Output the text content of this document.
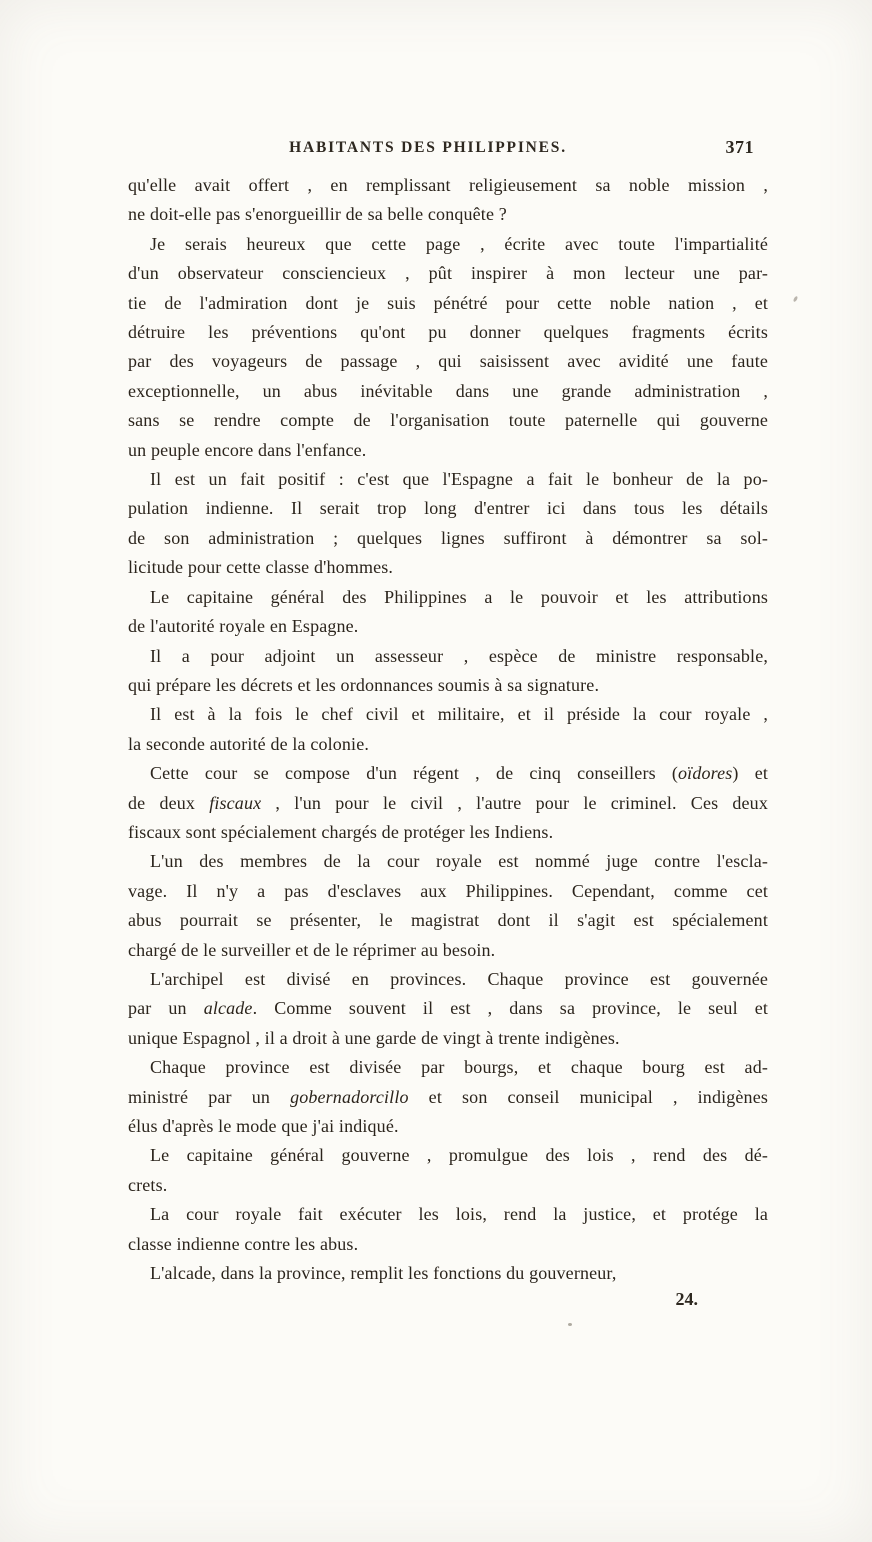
HABITANTS DES PHILIPPINES.	371
qu'elle avait offert , en remplissant religieusement sa noble mission ,
ne doit-elle pas s'enorgueillir de sa belle conquête ?
Je serais heureux que cette page , écrite avec toute l'impartialité
d'un observateur consciencieux , pût inspirer à mon lecteur une par-
tie de l'admiration dont je suis pénétré pour cette noble nation , et
détruire les préventions qu'ont pu donner quelques fragments écrits
par des voyageurs de passage , qui saisissent avec avidité une faute
exceptionnelle, un abus inévitable dans une grande administration ,
sans se rendre compte de l'organisation toute paternelle qui gouverne
un peuple encore dans l'enfance.
Il est un fait positif : c'est que l'Espagne a fait le bonheur de la po-
pulation indienne. Il serait trop long d'entrer ici dans tous les détails
de son administration ; quelques lignes suffiront à démontrer sa sol-
licitude pour cette classe d'hommes.
Le capitaine général des Philippines a le pouvoir et les attributions
de l'autorité royale en Espagne.
Il a pour adjoint un assesseur , espèce de ministre responsable,
qui prépare les décrets et les ordonnances soumis à sa signature.
Il est à la fois le chef civil et militaire, et il préside la cour royale ,
la seconde autorité de la colonie.
Cette cour se compose d'un régent , de cinq conseillers (oïdores) et
de deux fiscaux , l'un pour le civil , l'autre pour le criminel. Ces deux
fiscaux sont spécialement chargés de protéger les Indiens.
L'un des membres de la cour royale est nommé juge contre l'escla-
vage. Il n'y a pas d'esclaves aux Philippines. Cependant, comme cet
abus pourrait se présenter, le magistrat dont il s'agit est spécialement
chargé de le surveiller et de le réprimer au besoin.
L'archipel est divisé en provinces. Chaque province est gouvernée
par un alcade. Comme souvent il est , dans sa province, le seul et
unique Espagnol , il a droit à une garde de vingt à trente indigènes.
Chaque province est divisée par bourgs, et chaque bourg est ad-
ministré par un gobernadorcillo et son conseil municipal , indigènes
élus d'après le mode que j'ai indiqué.
Le capitaine général gouverne , promulgue des lois , rend des dé-
crets.
La cour royale fait exécuter les lois, rend la justice, et protége la
classe indienne contre les abus.
L'alcade, dans la province, remplit les fonctions du gouverneur,
24.
